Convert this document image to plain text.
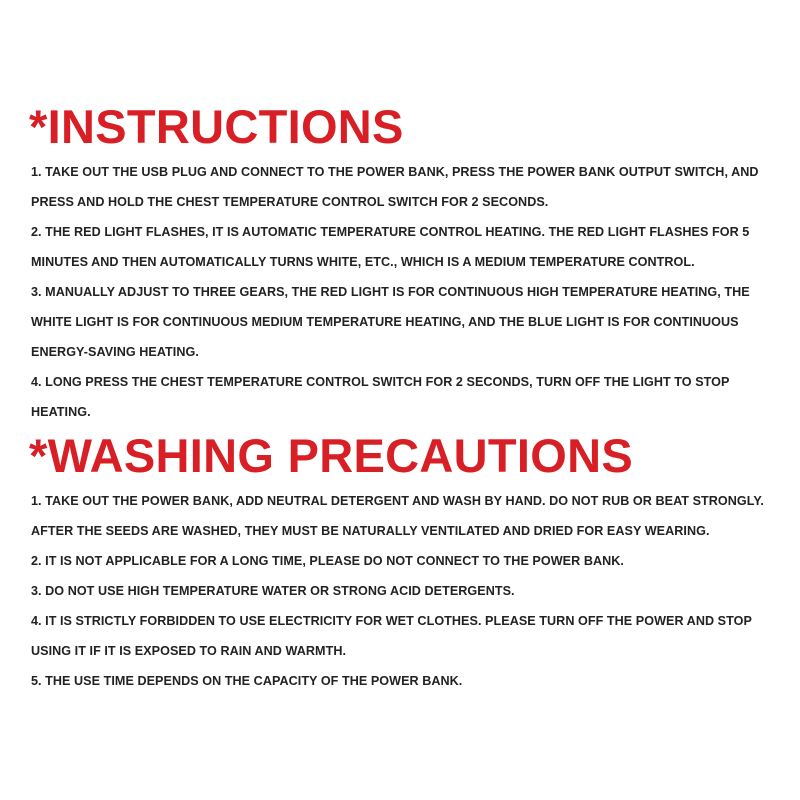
*INSTRUCTIONS
1. TAKE OUT THE USB PLUG AND CONNECT TO THE POWER BANK, PRESS THE POWER BANK OUTPUT SWITCH, AND PRESS AND HOLD THE CHEST TEMPERATURE CONTROL SWITCH FOR 2 SECONDS.
2. THE RED LIGHT FLASHES, IT IS AUTOMATIC TEMPERATURE CONTROL HEATING. THE RED LIGHT FLASHES FOR 5 MINUTES AND THEN AUTOMATICALLY TURNS WHITE, ETC., WHICH IS A MEDIUM TEMPERATURE CONTROL.
3. MANUALLY ADJUST TO THREE GEARS, THE RED LIGHT IS FOR CONTINUOUS HIGH TEMPERATURE HEATING, THE WHITE LIGHT IS FOR CONTINUOUS MEDIUM TEMPERATURE HEATING, AND THE BLUE LIGHT IS FOR CONTINUOUS ENERGY-SAVING HEATING.
4. LONG PRESS THE CHEST TEMPERATURE CONTROL SWITCH FOR 2 SECONDS, TURN OFF THE LIGHT TO STOP HEATING.
*WASHING PRECAUTIONS
1. TAKE OUT THE POWER BANK, ADD NEUTRAL DETERGENT AND WASH BY HAND. DO NOT RUB OR BEAT STRONGLY. AFTER THE SEEDS ARE WASHED, THEY MUST BE NATURALLY VENTILATED AND DRIED FOR EASY WEARING.
2. IT IS NOT APPLICABLE FOR A LONG TIME, PLEASE DO NOT CONNECT TO THE POWER BANK.
3. DO NOT USE HIGH TEMPERATURE WATER OR STRONG ACID DETERGENTS.
4. IT IS STRICTLY FORBIDDEN TO USE ELECTRICITY FOR WET CLOTHES. PLEASE TURN OFF THE POWER AND STOP USING IT IF IT IS EXPOSED TO RAIN AND WARMTH.
5. THE USE TIME DEPENDS ON THE CAPACITY OF THE POWER BANK.
